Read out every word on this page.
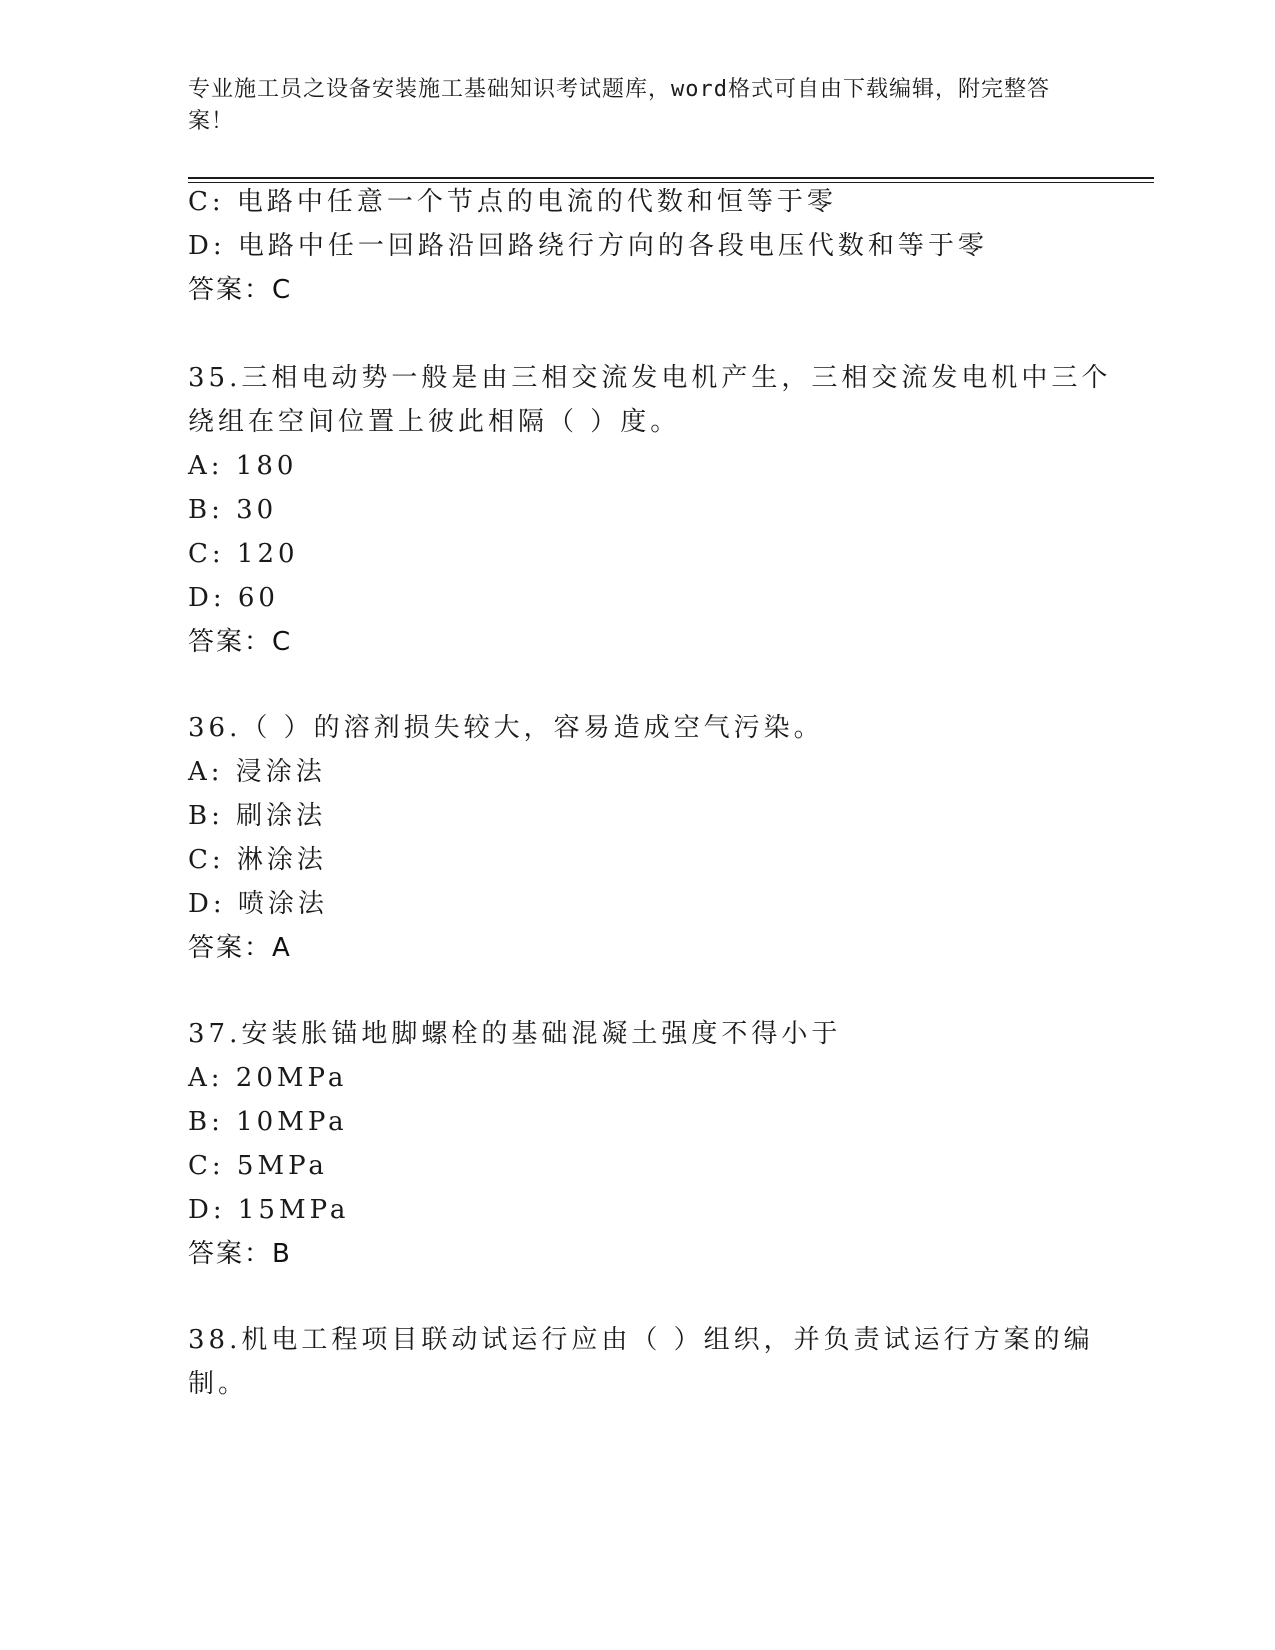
专业施工员之设备安装施工基础知识考试题库，word格式可自由下载编辑，附完整答案！
C: 电路中任意一个节点的电流的代数和恒等于零
D: 电路中任一回路沿回路绕行方向的各段电压代数和等于零
答案：C
35.三相电动势一般是由三相交流发电机产生，三相交流发电机中三个
绕组在空间位置上彼此相隔（ ）度。
A: 180
B: 30
C: 120
D: 60
答案：C
36.（ ）的溶剂损失较大，容易造成空气污染。
A: 浸涂法
B: 刷涂法
C: 淋涂法
D: 喷涂法
答案：A
37.安装胀锚地脚螺栓的基础混凝土强度不得小于
A: 20MPa
B: 10MPa
C: 5MPa
D: 15MPa
答案：B
38.机电工程项目联动试运行应由（ ）组织，并负责试运行方案的编
制。
